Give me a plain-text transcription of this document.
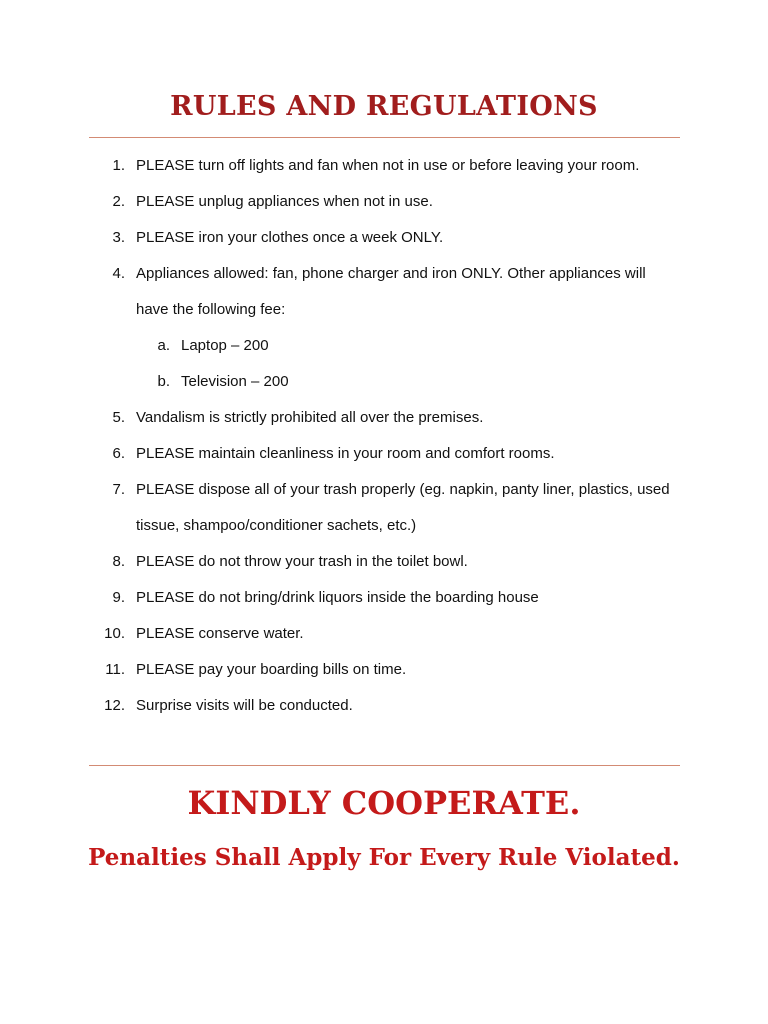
RULES AND REGULATIONS
1. PLEASE turn off lights and fan when not in use or before leaving your room.
2. PLEASE unplug appliances when not in use.
3. PLEASE iron your clothes once a week ONLY.
4. Appliances allowed: fan, phone charger and iron ONLY. Other appliances will
have the following fee:
a. Laptop – 200
b. Television – 200
5. Vandalism is strictly prohibited all over the premises.
6. PLEASE maintain cleanliness in your room and comfort rooms.
7. PLEASE dispose all of your trash properly (eg. napkin, panty liner, plastics, used
tissue, shampoo/conditioner sachets, etc.)
8. PLEASE do not throw your trash in the toilet bowl.
9. PLEASE do not bring/drink liquors inside the boarding house
10. PLEASE conserve water.
11. PLEASE pay your boarding bills on time.
12. Surprise visits will be conducted.
KINDLY COOPERATE.
Penalties Shall Apply For Every Rule Violated.
